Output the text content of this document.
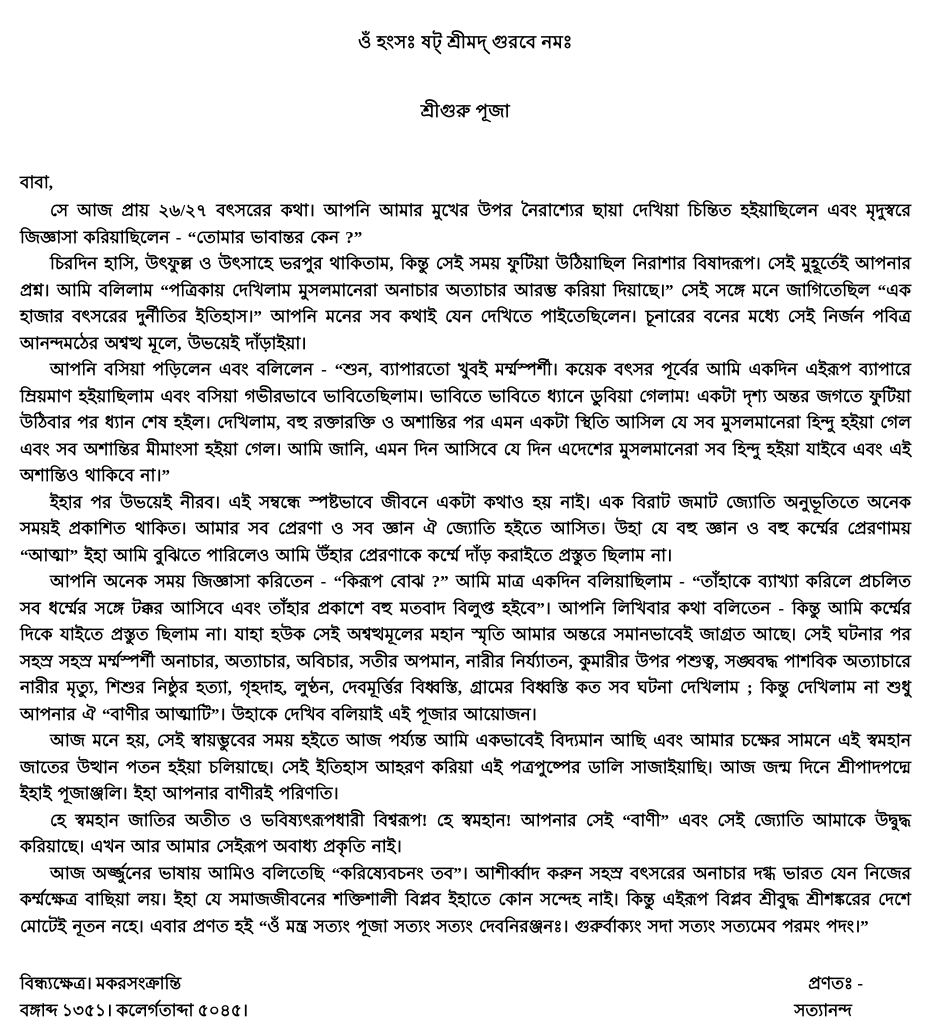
ওঁ হংসঃ ষট্ শ্রীমদ্ গুরবে নমঃ
শ্রীগুরু পূজা
বাবা,

সে আজ প্রায় ২৬/২৭ বৎসরের কথা। আপনি আমার মুখের উপর নৈরাশ্যের ছায়া দেখিয়া চিন্তিত হইয়াছিলেন এবং মৃদুস্বরে জিজ্ঞাসা করিয়াছিলেন - “তোমার ভাবান্তর কেন ?”

চিরদিন হাসি, উৎফুল্ল ও উৎসাহে ভরপুর থাকিতাম, কিন্তু সেই সময় ফুটিয়া উঠিয়াছিল নিরাশার বিষাদরূপ। সেই মুহূর্তেই আপনার প্রশ্ন। আমি বলিলাম “পত্রিকায় দেখিলাম মুসলমানেরা অনাচার অত্যাচার আরম্ভ করিয়া দিয়াছে।” সেই সঙ্গে মনে জাগিতেছিল “এক হাজার বৎসরের দুর্নীতির ইতিহাস।” আপনি মনের সব কথাই যেন দেখিতে পাইতেছিলেন। চূনারের বনের মধ্যে সেই নির্জন পবিত্র আনন্দমঠের অশ্বত্থ মূলে, উভয়েই দাঁড়াইয়া।

আপনি বসিয়া পড়িলেন এবং বলিলেন - “শুন, ব্যাপারতো খুবই মর্ম্মস্পর্শী। কয়েক বৎসর পূর্বের আমি একদিন এইরূপ ব্যাপারে ম্রিয়মাণ হইয়াছিলাম এবং বসিয়া গভীরভাবে ভাবিতেছিলাম। ভাবিতে ভাবিতে ধ্যানে ডুবিয়া গেলাম! একটা দৃশ্য অন্তর জগতে ফুটিয়া উঠিবার পর ধ্যান শেষ হইল। দেখিলাম, বহু রক্তারক্তি ও অশান্তির পর এমন একটা স্থিতি আসিল যে সব মুসলমানেরা হিন্দু হইয়া গেল এবং সব অশান্তির মীমাংসা হইয়া গেল। আমি জানি, এমন দিন আসিবে যে দিন এদেশের মুসলমানেরা সব হিন্দু হইয়া যাইবে এবং এই অশান্তিও থাকিবে না।”

ইহার পর উভয়েই নীরব। এই সম্বন্ধে স্পষ্টভাবে জীবনে একটা কথাও হয় নাই। এক বিরাট জমাট জ্যোতি অনুভূতিতে অনেক সময়ই প্রকাশিত থাকিত। আমার সব প্রেরণা ও সব জ্ঞান ঐ জ্যোতি হইতে আসিত। উহা যে বহু জ্ঞান ও বহু কর্ম্মের প্রেরণাময় “আত্মা” ইহা আমি বুঝিতে পারিলেও আমি উঁহার প্রেরণাকে কর্ম্মে দাঁড় করাইতে প্রস্তুত ছিলাম না।

আপনি অনেক সময় জিজ্ঞাসা করিতেন - “কিরূপ বোঝ ?” আমি মাত্র একদিন বলিয়াছিলাম - “তাঁহাকে ব্যাখ্যা করিলে প্রচলিত সব ধর্ম্মের সঙ্গে টক্কর আসিবে এবং তাঁহার প্রকাশে বহু মতবাদ বিলুপ্ত হইবে”। আপনি লিখিবার কথা বলিতেন - কিন্তু আমি কর্ম্মের দিকে যাইতে প্রস্তুত ছিলাম না। যাহা হউক সেই অশ্বত্থমূলের মহান স্মৃতি আমার অন্তরে সমানভাবেই জাগ্রত আছে। সেই ঘটনার পর সহস্র সহস্র মর্ম্মস্পর্শী অনাচার, অত্যাচার, অবিচার, সতীর অপমান, নারীর নির্য্যাতন, কুমারীর উপর পশুত্ব, সঙ্ঘবদ্ধ পাশবিক অত্যাচারে নারীর মৃত্যু, শিশুর নিষ্ঠুর হত্যা, গৃহদাহ, লুণ্ঠন, দেবমূর্ত্তির বিধ্বস্তি, গ্রামের বিধ্বস্তি কত সব ঘটনা দেখিলাম ; কিন্তু দেখিলাম না শুধু আপনার ঐ “বাণীর আত্মাটি”। উহাকে দেখিব বলিয়াই এই পূজার আয়োজন।

আজ মনে হয়, সেই স্বায়ম্ভুবের সময় হইতে আজ পর্য্যন্ত আমি একভাবেই বিদ্যমান আছি এবং আমার চক্ষের সামনে এই স্বমহান জাতের উত্থান পতন হইয়া চলিয়াছে। সেই ইতিহাস আহরণ করিয়া এই পত্রপুষ্পের ডালি সাজাইয়াছি। আজ জন্ম দিনে শ্রীপাদপদ্মে ইহাই পূজাঞ্জলি। ইহা আপনার বাণীরই পরিণতি।

হে স্বমহান জাতির অতীত ও ভবিষ্যৎরূপধারী বিশ্বরূপ! হে স্বমহান! আপনার সেই “বাণী” এবং সেই জ্যোতি আমাকে উদ্বুদ্ধ করিয়াছে। এখন আর আমার সেইরূপ অবাধ্য প্রকৃতি নাই।

আজ অর্জ্জুনের ভাষায় আমিও বলিতেছি “করিষ্যেবচনং তব”। আশীর্ব্বাদ করুন সহস্র বৎসরের অনাচার দগ্ধ ভারত যেন নিজের কর্ম্মক্ষেত্র বাছিয়া লয়। ইহা যে সমাজজীবনের শক্তিশালী বিপ্লব ইহাতে কোন সন্দেহ নাই। কিন্তু এইরূপ বিপ্লব শ্রীবুদ্ধ শ্রীশঙ্করের দেশে মোটেই নূতন নহে। এবার প্রণত হই “ওঁ মন্ত্র সত্যং পূজা সত্যং সত্যং দেবনিরঞ্জনঃ। গুরুর্বাক্যং সদা সত্যং সত্যমেব পরমং পদং।”

বিন্ধ্যক্ষেত্র। মকরসংক্রান্তি
বঙ্গাব্দ ১৩৫১। কলের্গতাব্দা ৫০৪৫।
প্রণতঃ -
সত্যানন্দ
